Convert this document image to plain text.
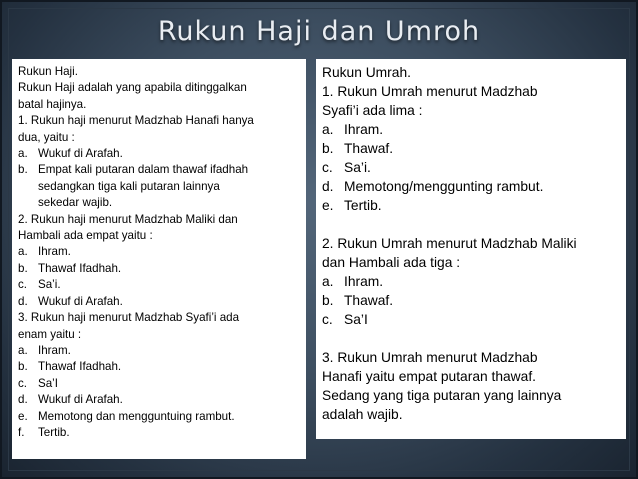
Rukun Haji dan Umroh
Rukun Haji.
Rukun Haji adalah yang apabila ditinggalkan
batal hajinya.
1. Rukun haji menurut Madzhab Hanafi hanya
dua, yaitu :
a. Wukuf di Arafah.
b. Empat kali putaran dalam thawaf ifadhah
sedangkan tiga kali putaran lainnya
sekedar wajib.
2. Rukun haji menurut Madzhab Maliki dan
Hambali ada empat yaitu :
a. Ihram.
b. Thawaf Ifadhah.
c. Sa’i.
d. Wukuf di Arafah.
3. Rukun haji menurut Madzhab Syafi’i ada
enam yaitu :
a. Ihram.
b. Thawaf Ifadhah.
c. Sa’I
d. Wukuf di Arafah.
e. Memotong dan mengguntuing rambut.
f.	Tertib.
Rukun Umrah.
1. Rukun Umrah menurut Madzhab
Syafi’i ada lima :
a. Ihram.
b. Thawaf.
c. Sa’i.
d. Memotong/menggunting rambut.
e. Tertib.
2. Rukun Umrah menurut Madzhab Maliki
dan Hambali ada tiga :
a. Ihram.
b. Thawaf.
c. Sa’I
3. Rukun Umrah menurut Madzhab
Hanafi yaitu empat putaran thawaf.
Sedang yang tiga putaran yang lainnya
adalah wajib.
